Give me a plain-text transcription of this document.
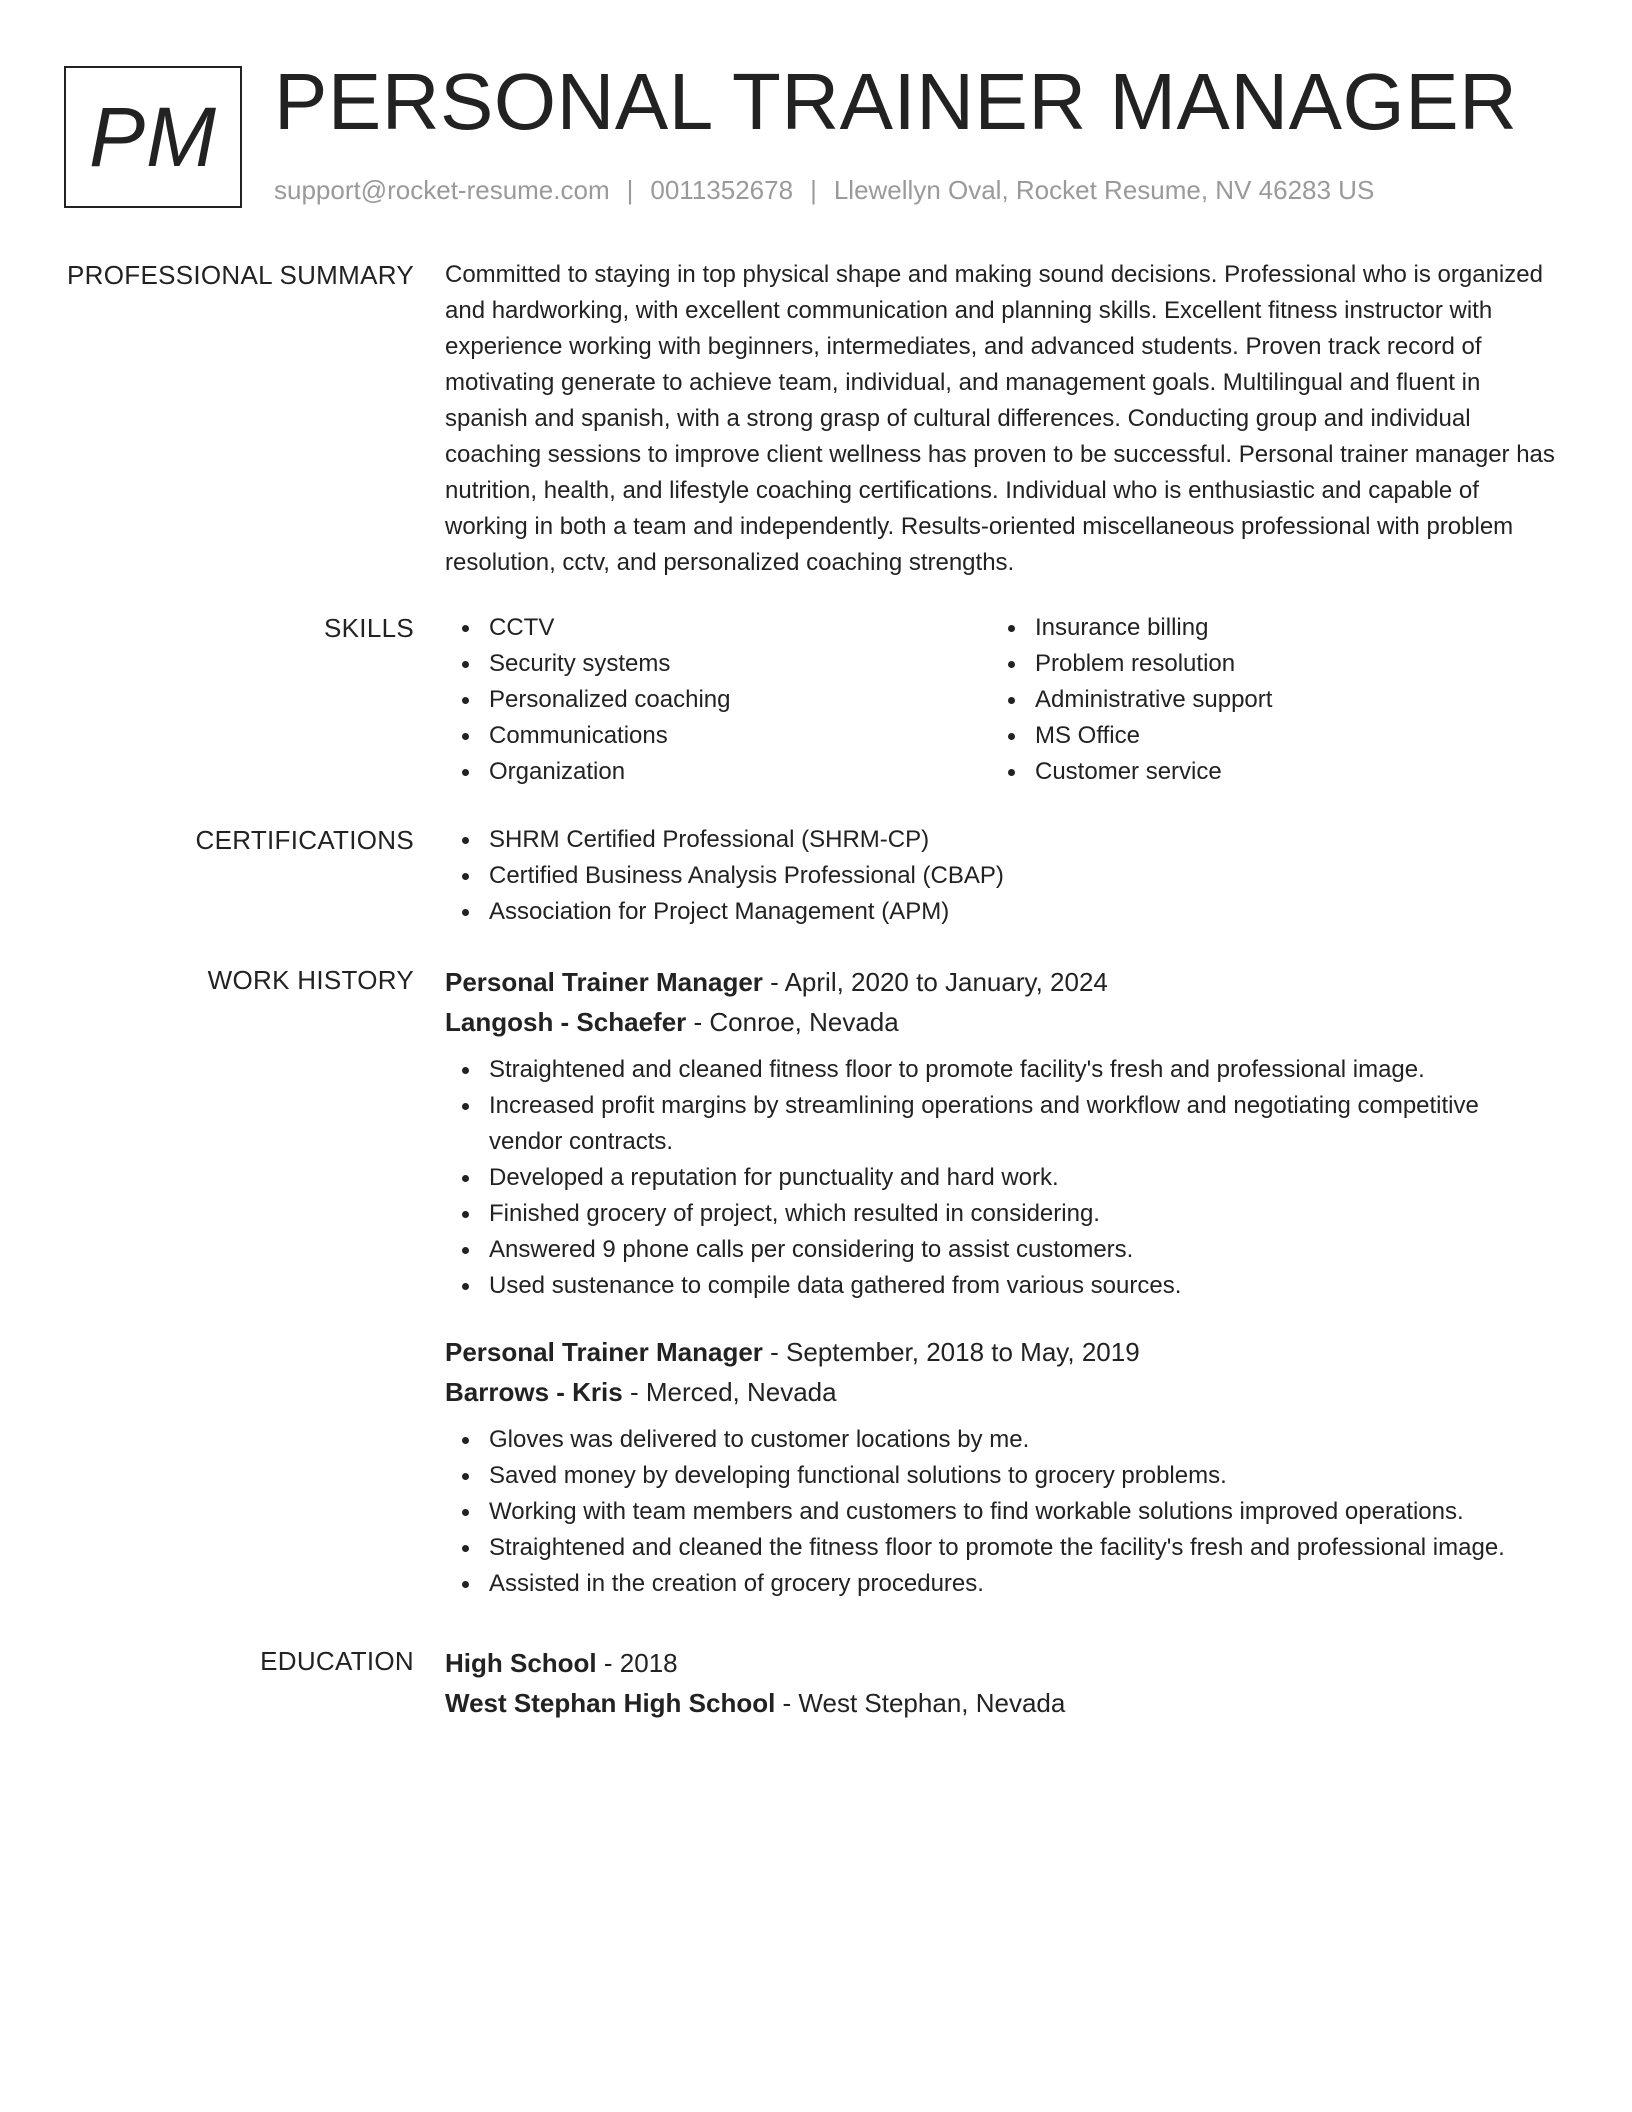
PM PERSONAL TRAINER MANAGER
support@rocket-resume.com | 0011352678 | Llewellyn Oval, Rocket Resume, NV 46283 US
PROFESSIONAL SUMMARY Committed to staying in top physical shape and making sound decisions. Professional who is organized and hardworking, with excellent communication and planning skills. Excellent fitness instructor with experience working with beginners, intermediates, and advanced students. Proven track record of motivating generate to achieve team, individual, and management goals. Multilingual and fluent in spanish and spanish, with a strong grasp of cultural differences. Conducting group and individual coaching sessions to improve client wellness has proven to be successful. Personal trainer manager has nutrition, health, and lifestyle coaching certifications. Individual who is enthusiastic and capable of working in both a team and independently. Results-oriented miscellaneous professional with problem resolution, cctv, and personalized coaching strengths.

SKILLS	CCTV
Security systems
Personalized coaching
Communications
Organization
Insurance billing
Problem resolution
Administrative support
MS Office
Customer service
CERTIFICATIONS	SHRM Certified Professional (SHRM-CP)
Certified Business Analysis Professional (CBAP)
Association for Project Management (APM)
WORK HISTORY Personal Trainer Manager - April, 2020 to January, 2024
Langosh - Schaefer - Conroe, Nevada
Straightened and cleaned fitness floor to promote facility's fresh and professional image.
Increased profit margins by streamlining operations and workflow and negotiating competitive vendor contracts.
Developed a reputation for punctuality and hard work.
Finished grocery of project, which resulted in considering.
Answered 9 phone calls per considering to assist customers.
Used sustenance to compile data gathered from various sources.
Personal Trainer Manager - September, 2018 to May, 2019
Barrows - Kris - Merced, Nevada
Gloves was delivered to customer locations by me.
Saved money by developing functional solutions to grocery problems.
Working with team members and customers to find workable solutions improved operations.
Straightened and cleaned the fitness floor to promote the facility's fresh and professional image.
Assisted in the creation of grocery procedures.
EDUCATION High School - 2018
West Stephan High School - West Stephan, Nevada
